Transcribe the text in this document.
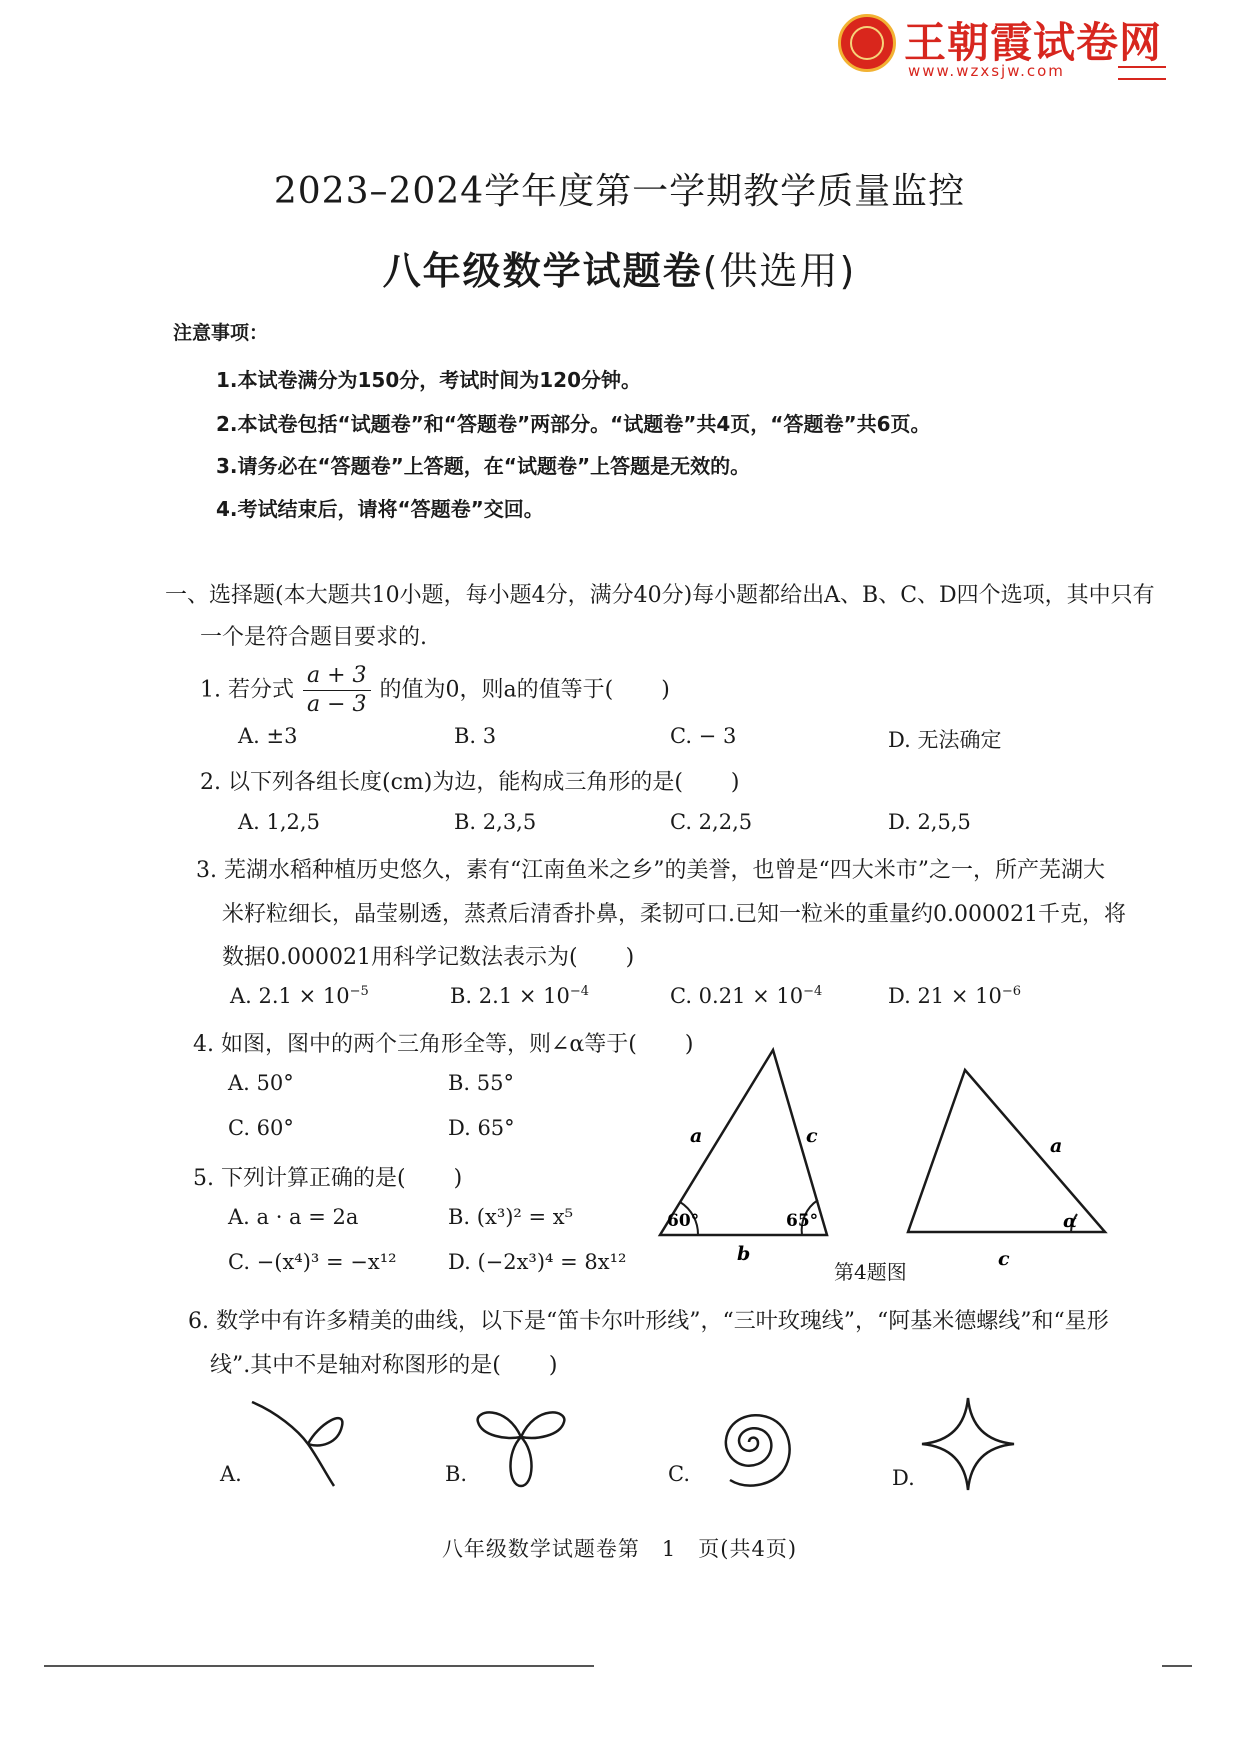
王朝霞试卷网
www.wzxsjw.com
2023–2024学年度第一学期教学质量监控
八年级数学试题卷(供选用)
注意事项：
1.本试卷满分为150分，考试时间为120分钟。
2.本试卷包括“试题卷”和“答题卷”两部分。“试题卷”共4页，“答题卷”共6页。
3.请务必在“答题卷”上答题，在“试题卷”上答题是无效的。
4.考试结束后，请将“答题卷”交回。
一、选择题(本大题共10小题，每小题4分，满分40分)每小题都给出A、B、C、D四个选项，其中只有
一个是符合题目要求的.
1. 若分式 $\frac{a + 3}{a - 3}$ 的值为0，则a的值等于( )
A. ±3	B. 3	C. − 3	D. 无法确定
2. 以下列各组长度(cm)为边，能构成三角形的是( )
A. 1,2,5	B. 2,3,5	C. 2,2,5	D. 2,5,5
3. 芜湖水稻种植历史悠久，素有“江南鱼米之乡”的美誉，也曾是“四大米市”之一，所产芜湖大
米籽粒细长，晶莹剔透，蒸煮后清香扑鼻，柔韧可口.已知一粒米的重量约0.000021千克，将
数据0.000021用科学记数法表示为( )
A. $2.1 \times 10^{-5}$	B. $2.1 \times 10^{-4}$	C. $0.21 \times 10^{-4}$	D. $21 \times 10^{-6}$
4. 如图，图中的两个三角形全等，则∠α等于( )
A. 50°	B. 55°
C. 60°	D. 65°	a	c
b
60°	65°
a
c
α
第4题图
5. 下列计算正确的是( )
A. a · a = 2a	B. (x³)² = x⁵
C. −(x⁴)³ = −x¹² D. (−2x³)⁴ = 8x¹²
6. 数学中有许多精美的曲线，以下是“笛卡尔叶形线”，“三叶玫瑰线”，“阿基米德螺线”和“星形
线”.其中不是轴对称图形的是( )
A.	B.	C.	D.
八年级数学试题卷第　1　页(共4页)
